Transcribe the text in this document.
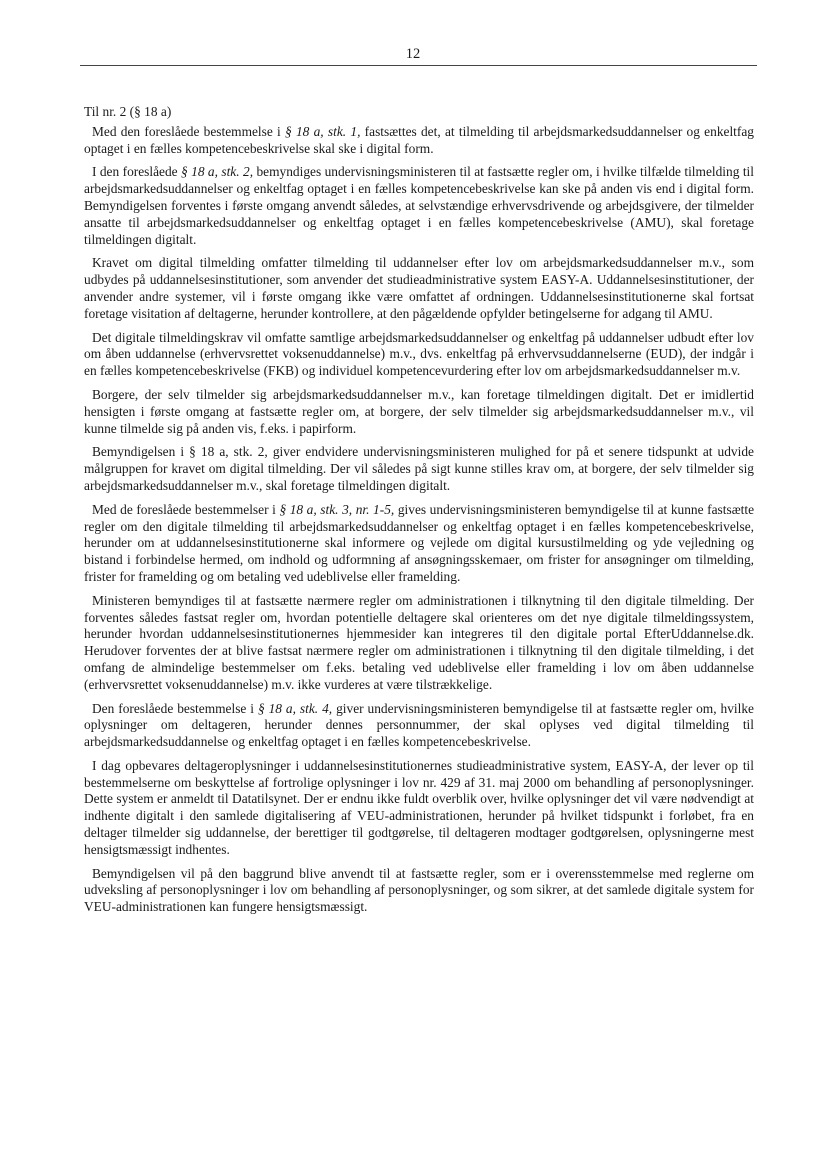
12
Til nr. 2 (§ 18 a)

Med den foreslåede bestemmelse i § 18 a, stk. 1, fastsættes det, at tilmelding til arbejdsmarkedsuddannelser og enkeltfag optaget i en fælles kompetencebeskrivelse skal ske i digital form.

I den foreslåede § 18 a, stk. 2, bemyndiges undervisningsministeren til at fastsætte regler om, i hvilke tilfælde tilmelding til arbejdsmarkedsuddannelser og enkeltfag optaget i en fælles kompetencebeskrivelse kan ske på anden vis end i digital form. Bemyndigelsen forventes i første omgang anvendt således, at selvstændige erhvervsdrivende og arbejdsgivere, der tilmelder ansatte til arbejdsmarkedsuddannelser og enkeltfag optaget i en fælles kompetencebeskrivelse (AMU), skal foretage tilmeldingen digitalt.

Kravet om digital tilmelding omfatter tilmelding til uddannelser efter lov om arbejdsmarkedsuddannelser m.v., som udbydes på uddannelsesinstitutioner, som anvender det studieadministrative system EASY-A. Uddannelsesinstitutioner, der anvender andre systemer, vil i første omgang ikke være omfattet af ordningen. Uddannelsesinstitutionerne skal fortsat foretage visitation af deltagerne, herunder kontrollere, at den pågældende opfylder betingelserne for adgang til AMU.

Det digitale tilmeldingskrav vil omfatte samtlige arbejdsmarkedsuddannelser og enkeltfag på uddannelser udbudt efter lov om åben uddannelse (erhvervsrettet voksenuddannelse) m.v., dvs. enkeltfag på erhvervsuddannelserne (EUD), der indgår i en fælles kompetencebeskrivelse (FKB) og individuel kompetencevurdering efter lov om arbejdsmarkedsuddannelser m.v.

Borgere, der selv tilmelder sig arbejdsmarkedsuddannelser m.v., kan foretage tilmeldingen digitalt. Det er imidlertid hensigten i første omgang at fastsætte regler om, at borgere, der selv tilmelder sig arbejdsmarkedsuddannelser m.v., vil kunne tilmelde sig på anden vis, f.eks. i papirform.

Bemyndigelsen i § 18 a, stk. 2, giver endvidere undervisningsministeren mulighed for på et senere tidspunkt at udvide målgruppen for kravet om digital tilmelding. Der vil således på sigt kunne stilles krav om, at borgere, der selv tilmelder sig arbejdsmarkedsuddannelser m.v., skal foretage tilmeldingen digitalt.

Med de foreslåede bestemmelser i § 18 a, stk. 3, nr. 1-5, gives undervisningsministeren bemyndigelse til at kunne fastsætte regler om den digitale tilmelding til arbejdsmarkedsuddannelser og enkeltfag optaget i en fælles kompetencebeskrivelse, herunder om at uddannelsesinstitutionerne skal informere og vejlede om digital kursustilmelding og yde vejledning og bistand i forbindelse hermed, om indhold og udformning af ansøgningsskemaer, om frister for ansøgninger om tilmelding, frister for framelding og om betaling ved udeblivelse eller framelding.

Ministeren bemyndiges til at fastsætte nærmere regler om administrationen i tilknytning til den digitale tilmelding. Der forventes således fastsat regler om, hvordan potentielle deltagere skal orienteres om det nye digitale tilmeldingssystem, herunder hvordan uddannelsesinstitutionernes hjemmesider kan integreres til den digitale portal EfterUddannelse.dk. Herudover forventes der at blive fastsat nærmere regler om administrationen i tilknytning til den digitale tilmelding, i det omfang de almindelige bestemmelser om f.eks. betaling ved udeblivelse eller framelding i lov om åben uddannelse (erhvervsrettet voksenuddannelse) m.v. ikke vurderes at være tilstrækkelige.

Den foreslåede bestemmelse i § 18 a, stk. 4, giver undervisningsministeren bemyndigelse til at fastsætte regler om, hvilke oplysninger om deltageren, herunder dennes personnummer, der skal oplyses ved digital tilmelding til arbejdsmarkedsuddannelse og enkeltfag optaget i en fælles kompetencebeskrivelse.

I dag opbevares deltageroplysninger i uddannelsesinstitutionernes studieadministrative system, EASY-A, der lever op til bestemmelserne om beskyttelse af fortrolige oplysninger i lov nr. 429 af 31. maj 2000 om behandling af personoplysninger. Dette system er anmeldt til Datatilsynet. Der er endnu ikke fuldt overblik over, hvilke oplysninger det vil være nødvendigt at indhente digitalt i den samlede digitalisering af VEU-administrationen, herunder på hvilket tidspunkt i forløbet, fra en deltager tilmelder sig uddannelse, der berettiger til godtgørelse, til deltageren modtager godtgørelsen, oplysningerne mest hensigtsmæssigt indhentes.

Bemyndigelsen vil på den baggrund blive anvendt til at fastsætte regler, som er i overensstemmelse med reglerne om udveksling af personoplysninger i lov om behandling af personoplysninger, og som sikrer, at det samlede digitale system for VEU-administrationen kan fungere hensigtsmæssigt.
